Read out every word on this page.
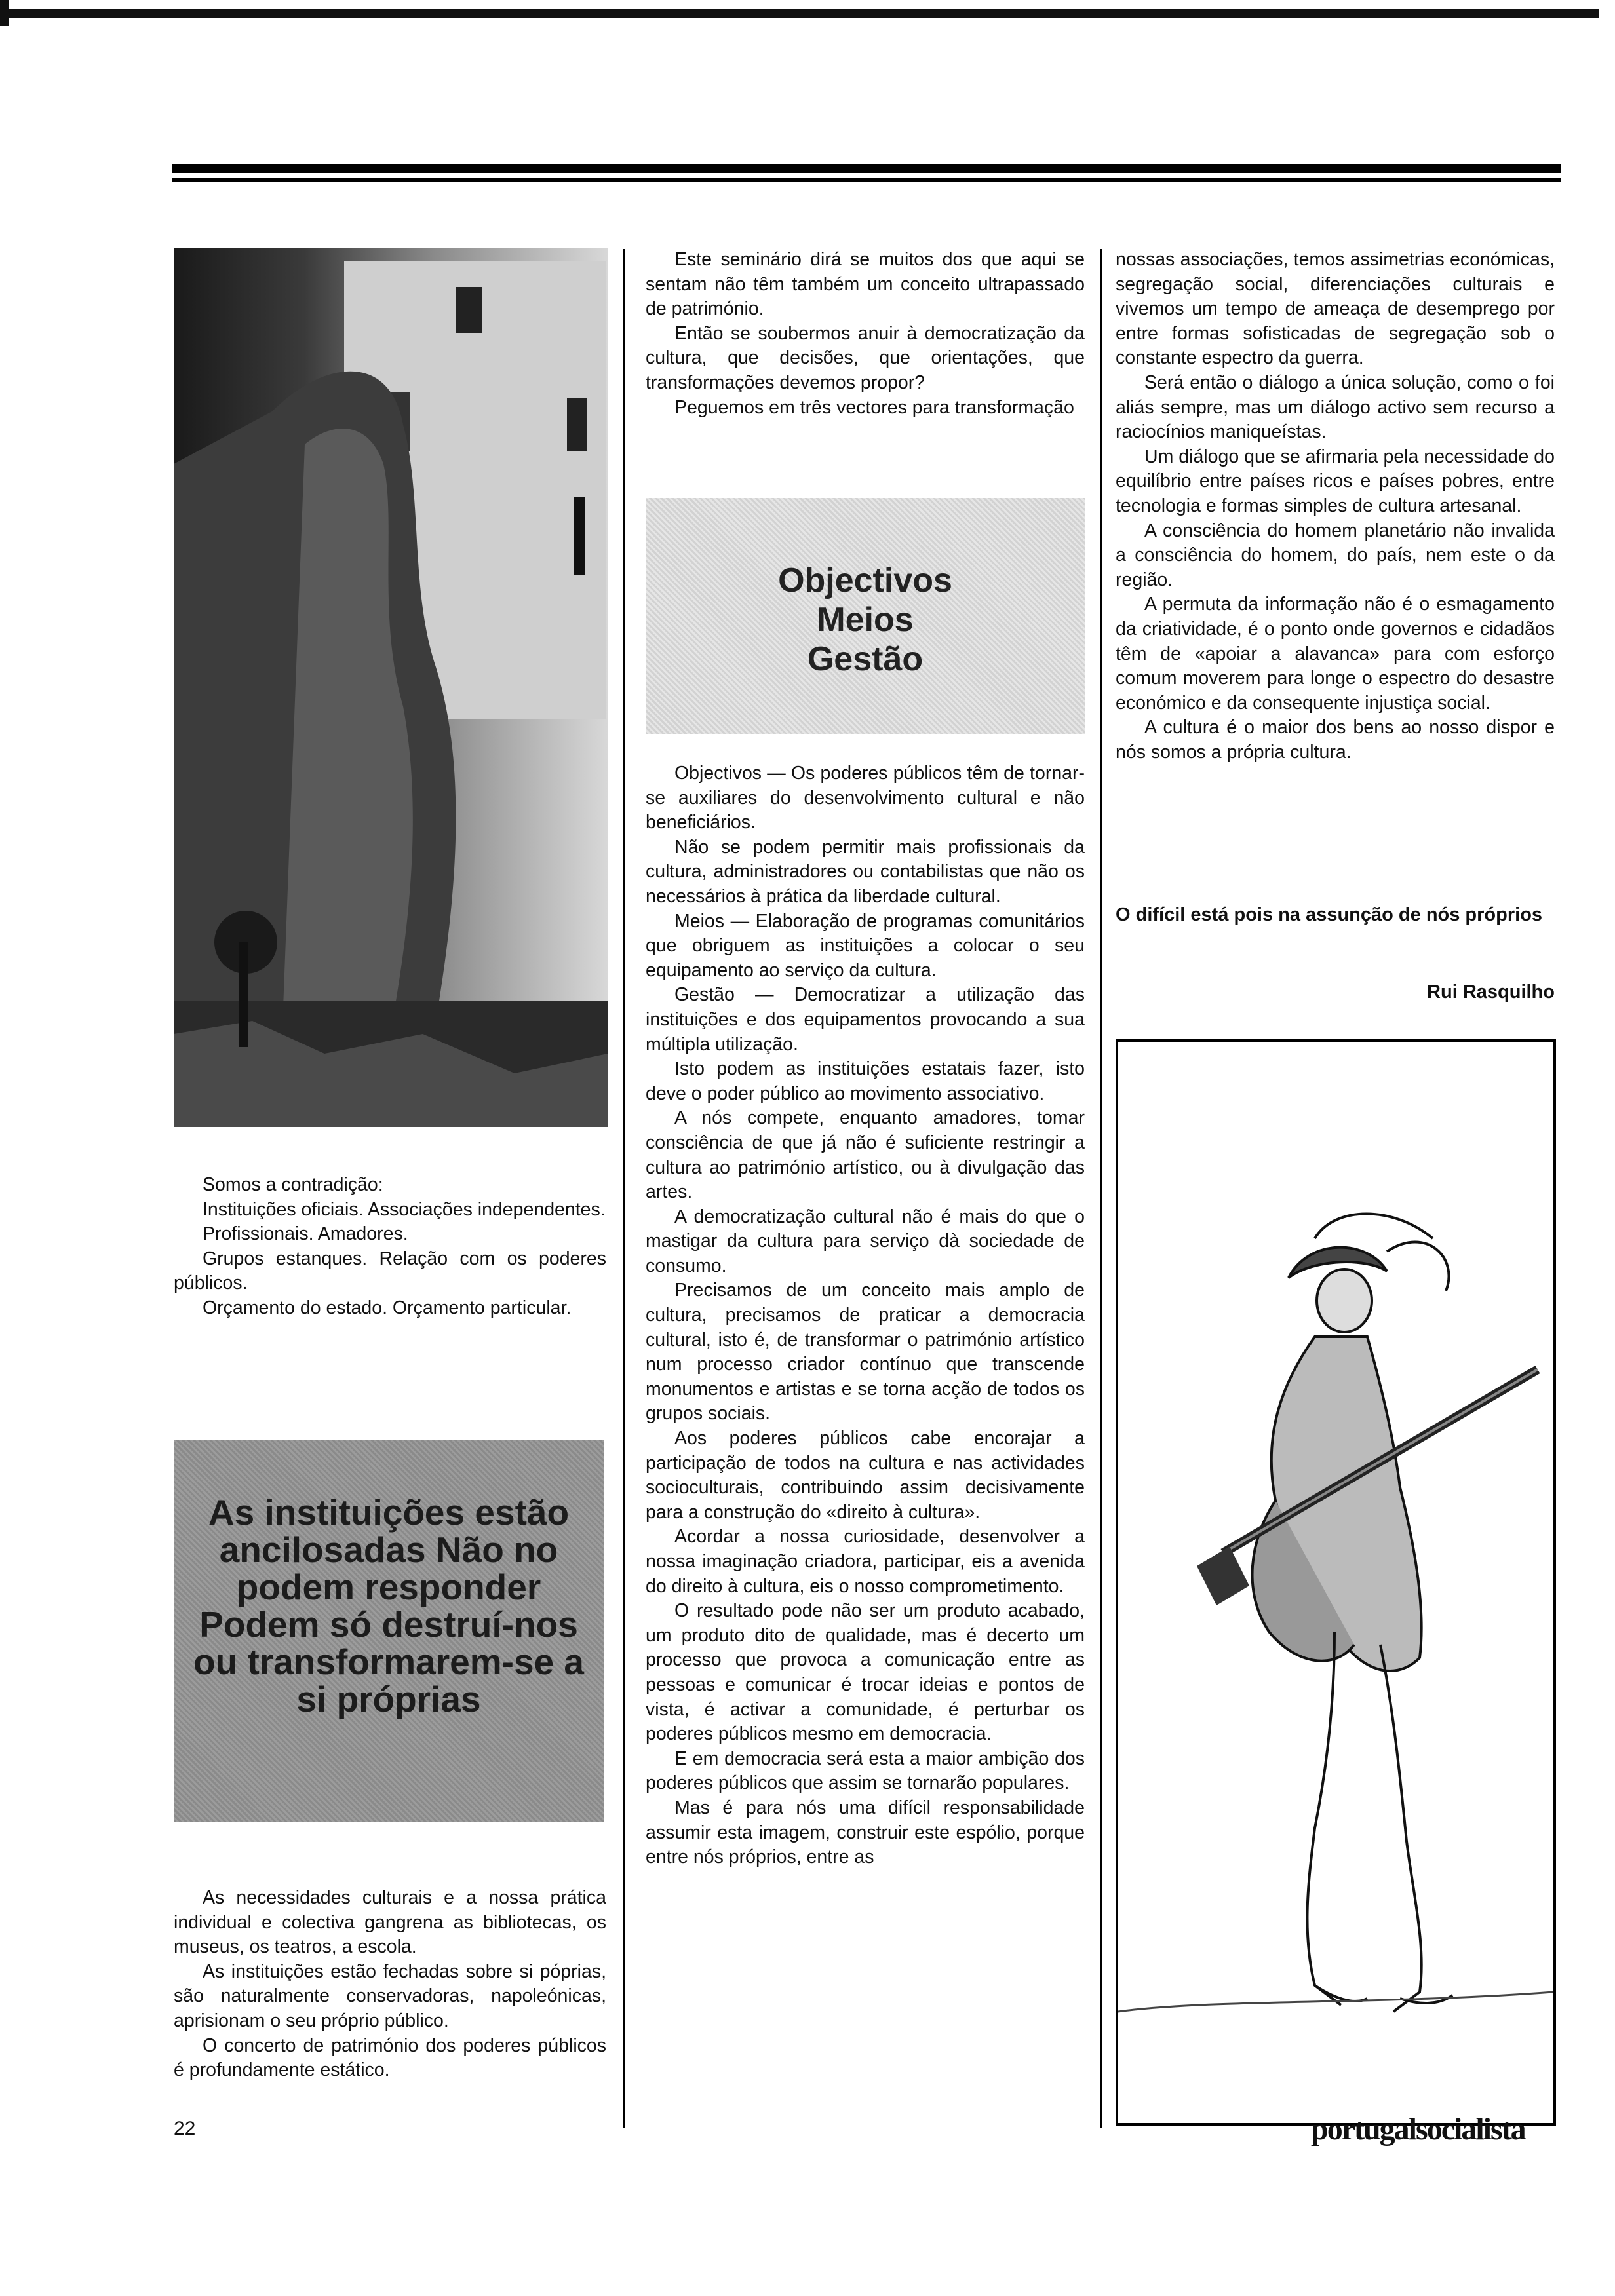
Somos a contradição:

Instituições oficiais. Associações independentes.

Profissionais. Amadores.

Grupos estanques. Relação com os poderes públicos.

Orçamento do estado. Orçamento particular.

As instituições estão ancilosadas Não no podem responder Podem só destruí-nos ou transformarem-se a si próprias

As necessidades culturais e a nossa prática individual e colectiva gangrena as bibliotecas, os museus, os teatros, a escola.

As instituições estão fechadas sobre si póprias, são naturalmente conservadoras, napoleónicas, aprisionam o seu próprio público.

O concerto de património dos poderes públicos é profundamente estático.

Este seminário dirá se muitos dos que aqui se sentam não têm também um conceito ultrapassado de património.

Então se soubermos anuir à democratização da cultura, que decisões, que orientações, que transformações devemos propor?

Peguemos em três vectores para transformação

Objectivos
Meios
Gestão

Objectivos — Os poderes públicos têm de tornar-se auxiliares do desenvolvimento cultural e não beneficiários.

Não se podem permitir mais profissionais da cultura, administradores ou contabilistas que não os necessários à prática da liberdade cultural.

Meios — Elaboração de programas comunitários que obriguem as instituições a colocar o seu equipamento ao serviço da cultura.

Gestão — Democratizar a utilização das instituições e dos equipamentos provocando a sua múltipla utilização.

Isto podem as instituições estatais fazer, isto deve o poder público ao movimento associativo.

A nós compete, enquanto amadores, tomar consciência de que já não é suficiente restringir a cultura ao património artístico, ou à divulgação das artes.

A democratização cultural não é mais do que o mastigar da cultura para serviço dà sociedade de consumo.

Precisamos de um conceito mais amplo de cultura, precisamos de praticar a democracia cultural, isto é, de transformar o património artístico num processo criador contínuo que transcende monumentos e artistas e se torna acção de todos os grupos sociais.

Aos poderes públicos cabe encorajar a participação de todos na cultura e nas actividades socioculturais, contribuindo assim decisivamente para a construção do «direito à cultura».

Acordar a nossa curiosidade, desenvolver a nossa imaginação criadora, participar, eis a avenida do direito à cultura, eis o nosso comprometimento.

O resultado pode não ser um produto acabado, um produto dito de qualidade, mas é decerto um processo que provoca a comunicação entre as pessoas e comunicar é trocar ideias e pontos de vista, é activar a comunidade, é perturbar os poderes públicos mesmo em democracia.

E em democracia será esta a maior ambição dos poderes públicos que assim se tornarão populares.

Mas é para nós uma difícil responsabilidade assumir esta imagem, construir este espólio, porque entre nós próprios, entre as

nossas associações, temos assimetrias económicas, segregação social, diferenciações culturais e vivemos um tempo de ameaça de desemprego por entre formas sofisticadas de segregação sob o constante espectro da guerra.

Será então o diálogo a única solução, como o foi aliás sempre, mas um diálogo activo sem recurso a raciocínios maniqueístas.

Um diálogo que se afirmaria pela necessidade do equilíbrio entre países ricos e países pobres, entre tecnologia e formas simples de cultura artesanal.

A consciência do homem planetário não invalida a consciência do homem, do país, nem este o da região.

A permuta da informação não é o esmagamento da criatividade, é o ponto onde governos e cidadãos têm de «apoiar a alavanca» para com esforço comum moverem para longe o espectro do desastre económico e da consequente injustiça social.

A cultura é o maior dos bens ao nosso dispor e nós somos a própria cultura.

O difícil está pois na assunção de nós próprios

Rui Rasquilho
22	portugalsocialista
